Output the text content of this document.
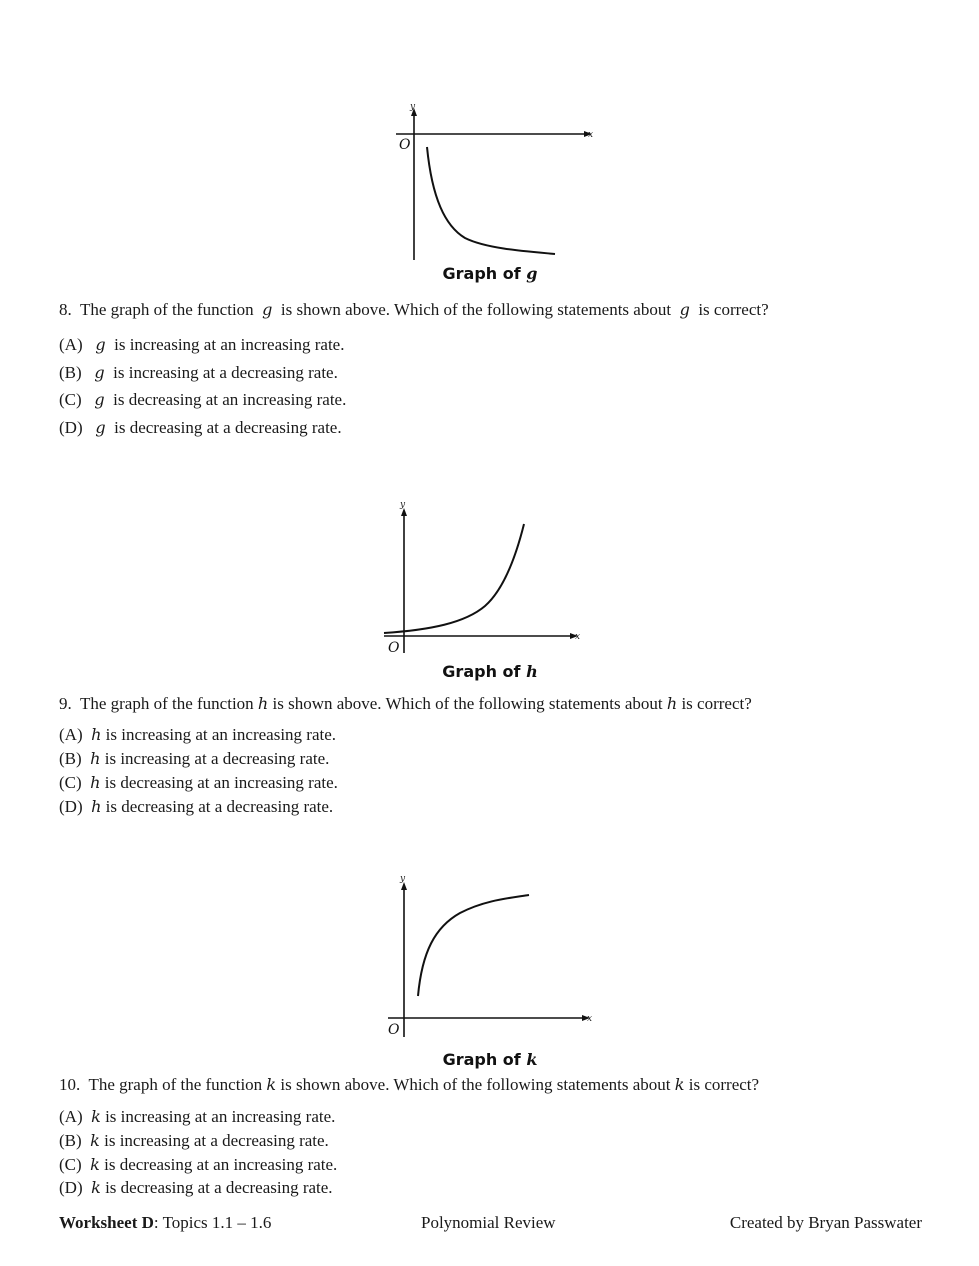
y
x
O
Graph of g
8. The graph of the function g is shown above. Which of the following statements about g is correct?
(A) g is increasing at an increasing rate.
(B) g is increasing at a decreasing rate.
(C) g is decreasing at an increasing rate.
(D) g is decreasing at a decreasing rate.
y
x
O
Graph of h
9. The graph of the function h is shown above. Which of the following statements about h is correct?
(A) h is increasing at an increasing rate.
(B) h is increasing at a decreasing rate.
(C) h is decreasing at an increasing rate.
(D) h is decreasing at a decreasing rate.
y
x
O
Graph of k
10. The graph of the function k is shown above. Which of the following statements about k is correct?
(A) k is increasing at an increasing rate.
(B) k is increasing at a decreasing rate.
(C) k is decreasing at an increasing rate.
(D) k is decreasing at a decreasing rate.
Worksheet D: Topics 1.1 – 1.6	Polynomial Review	Created by Bryan Passwater
